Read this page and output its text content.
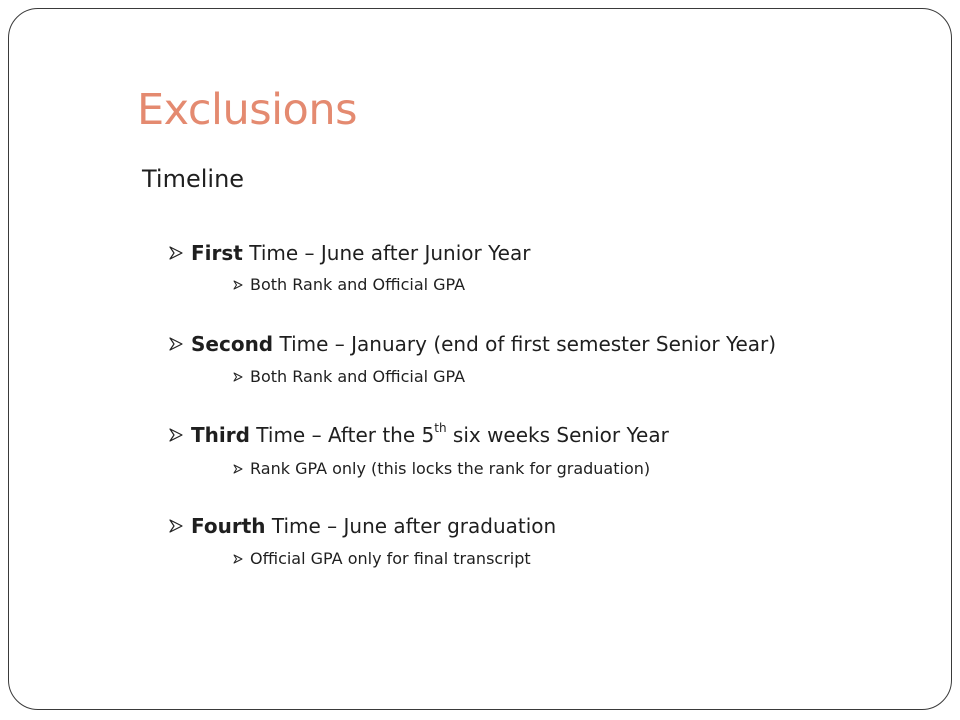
Exclusions
Timeline
First Time – June after Junior Year
Both Rank and Official GPA
Second Time – January (end of first semester Senior Year)
Both Rank and Official GPA
Third Time – After the 5th six weeks Senior Year
Rank GPA only (this locks the rank for graduation)
Fourth Time – June after graduation
Official GPA only for final transcript
